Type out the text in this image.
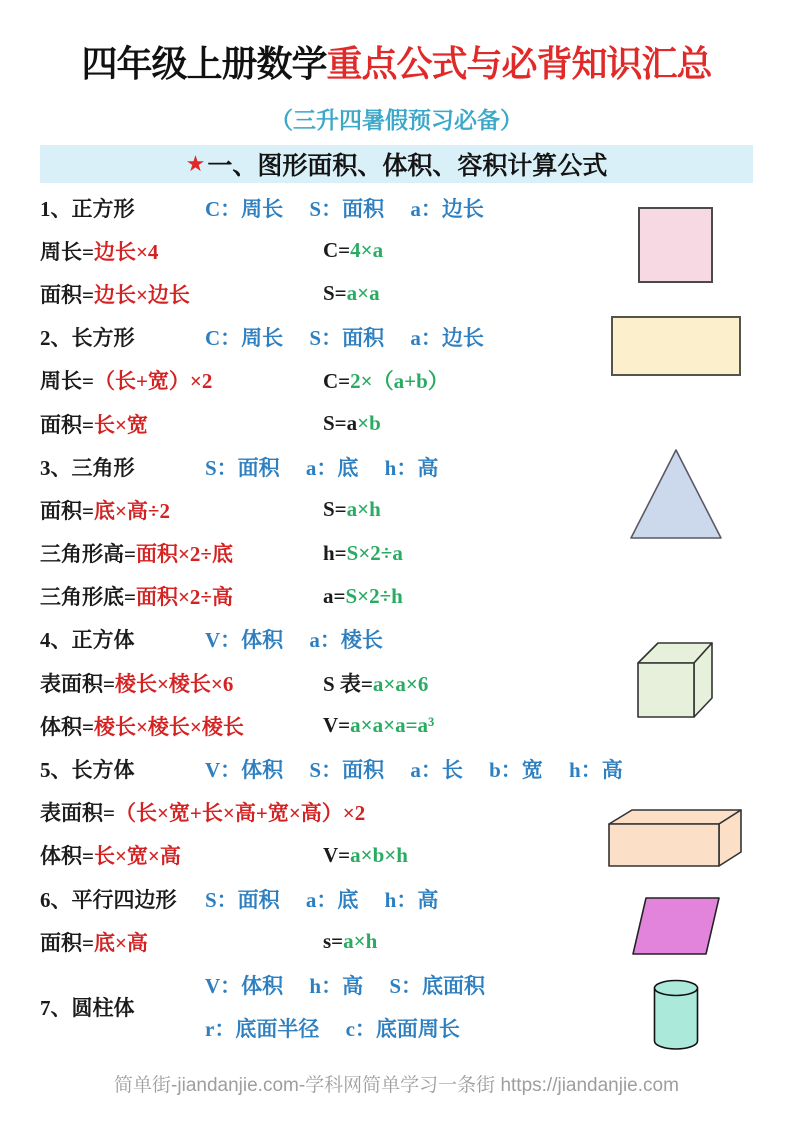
四年级上册数学重点公式与必背知识汇总
（三升四暑假预习必备）
★ 一、图形面积、体积、容积计算公式
1、正方形	C：周长　 S：面积　 a：边长
周长=边长×4	C=4×a
面积=边长×边长	S=a×a
2、长方形	C：周长　 S：面积　 a：边长
周长=（长+宽）×2	C=2×（a+b）
面积=长×宽	S=a×b
3、三角形	S：面积　 a：底　 h：高
面积=底×高÷2	S=a×h
三角形高=面积×2÷底	h=S×2÷a
三角形底=面积×2÷高	a=S×2÷h
4、正方体	V：体积　 a：棱长
表面积=棱长×棱长×6	S 表=a×a×6
体积=棱长×棱长×棱长	V=a×a×a=a³
5、长方体	V：体积　 S：面积　 a：长　 b：宽　 h：高
表面积=（长×宽+长×高+宽×高）×2
体积=长×宽×高	V=a×b×h
6、平行四边形	S：面积　 a：底　 h：高
面积=底×高	s=a×h
7、圆柱体
V：体积　 h：高　 S：底面积
r：底面半径　 c：底面周长
简单街-jiandanjie.com-学科网简单学习一条街 https://jiandanjie.com
